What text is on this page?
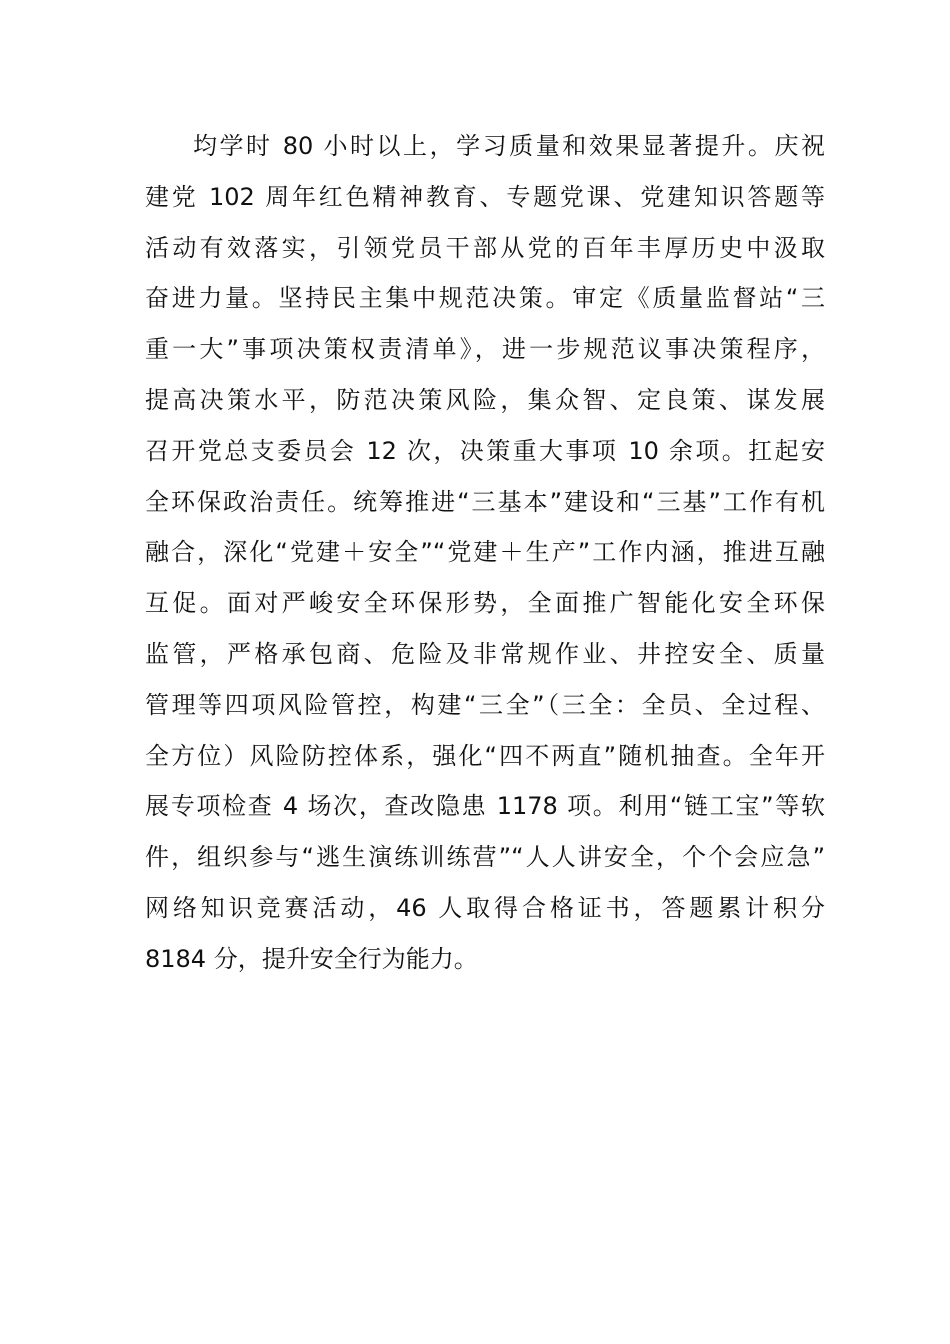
均学时 80 小时以上，学习质量和效果显著提升。庆祝
建党 102 周年红色精神教育、专题党课、党建知识答题等
活动有效落实，引领党员干部从党的百年丰厚历史中汲取
奋进力量。坚持民主集中规范决策。审定《质量监督站“三
重一大”事项决策权责清单》，进一步规范议事决策程序，
提高决策水平，防范决策风险，集众智、定良策、谋发展
召开党总支委员会 12 次，决策重大事项 10 余项。扛起安
全环保政治责任。统筹推进“三基本”建设和“三基”工作有机
融合，深化“党建＋安全”“党建＋生产”工作内涵，推进互融
互促。面对严峻安全环保形势，全面推广智能化安全环保
监管，严格承包商、危险及非常规作业、井控安全、质量
管理等四项风险管控，构建“三全”（三全：全员、全过程、
全方位）风险防控体系，强化“四不两直”随机抽查。全年开
展专项检查 4 场次，查改隐患 1178 项。利用“链工宝”等软
件，组织参与“逃生演练训练营”“人人讲安全，个个会应急”
网络知识竞赛活动，46 人取得合格证书，答题累计积分
8184 分，提升安全行为能力。
